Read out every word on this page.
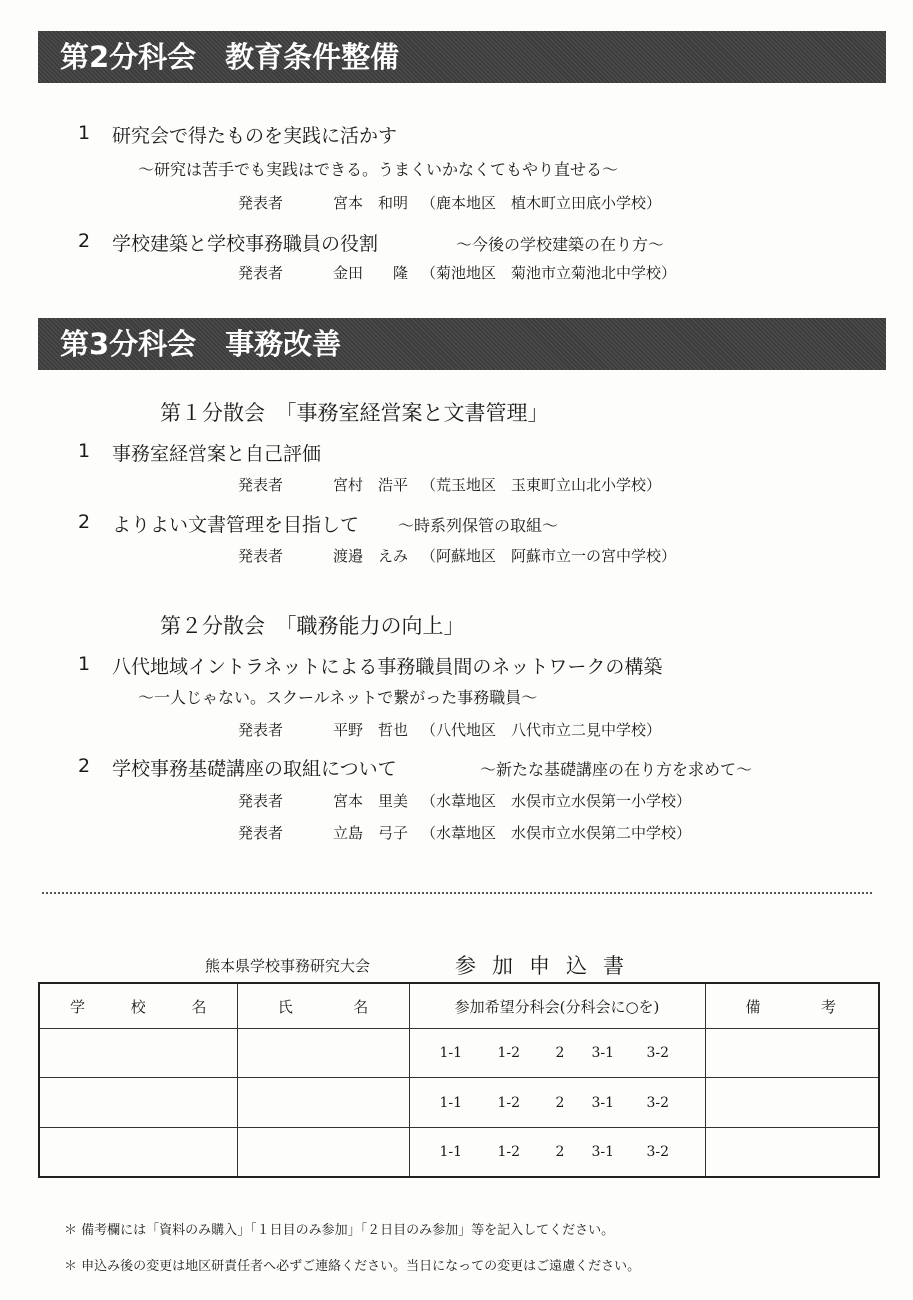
第2分科会　教育条件整備
1 研究会で得たものを実践に活かす
〜研究は苦手でも実践はできる。うまくいかなくてもやり直せる〜
発表者	宮本　和明 （鹿本地区　植木町立田底小学校）
2 学校建築と学校事務職員の役割	〜今後の学校建築の在り方〜
発表者	金田　　隆 （菊池地区　菊池市立菊池北中学校）
第3分科会　事務改善
第１分散会　「事務室経営案と文書管理」
1 事務室経営案と自己評価
発表者	宮村　浩平 （荒玉地区　玉東町立山北小学校）
2 よりよい文書管理を目指して 〜時系列保管の取組〜
発表者	渡邉　えみ （阿蘇地区　阿蘇市立一の宮中学校）
第２分散会　「職務能力の向上」
1 八代地域イントラネットによる事務職員間のネットワークの構築
〜一人じゃない。スクールネットで繋がった事務職員〜
発表者	平野　哲也 （八代地区　八代市立二見中学校）
2 学校事務基礎講座の取組について	〜新たな基礎講座の在り方を求めて〜
発表者	宮本　里美 （水葦地区　水俣市立水俣第一小学校）
発表者	立島　弓子 （水葦地区　水俣市立水俣第二中学校）
熊本県学校事務研究大会	参加申込書
学 校 名	氏 名	参加希望分科会(分科会に○を)	備 考

		1-1 1-2 2 3-1 3-2	

		1-1 1-2 2 3-1 3-2	

		1-1 1-2 2 3-1 3-2	

＊ 備考欄には「資料のみ購入」「１日目のみ参加」「２日目のみ参加」等を記入してください。
＊ 申込み後の変更は地区研責任者へ必ずご連絡ください。当日になっての変更はご遠慮ください。
